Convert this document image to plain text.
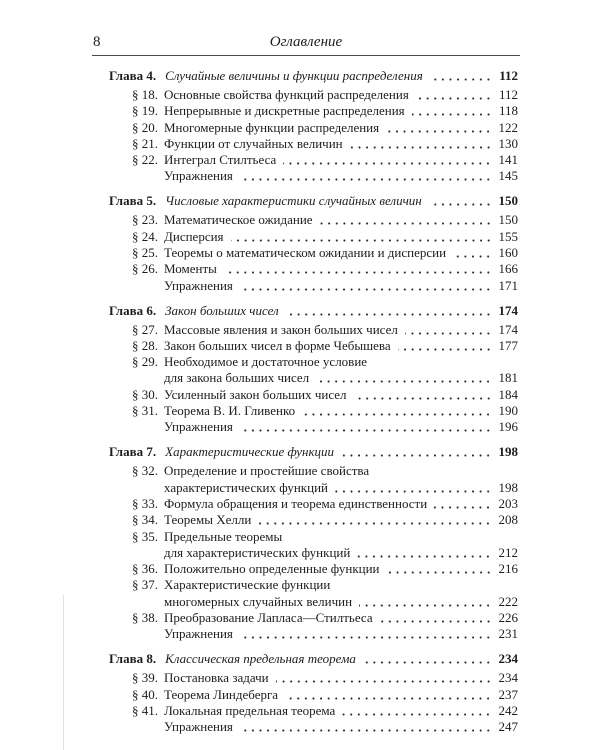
8	Оглавление
Глава 4. Случайные величины и функции распределения	112
§ 18. Основные свойства функций распределения	112
§ 19. Непрерывные и дискретные распределения	118
§ 20. Многомерные функции распределения	122
§ 21. Функции от случайных величин	130
§ 22. Интеграл Стилтьеса	141
Упражнения	145
Глава 5. Числовые характеристики случайных величин	150
§ 23. Математическое ожидание	150
§ 24. Дисперсия	155
§ 25. Теоремы о математическом ожидании и дисперсии	160
§ 26. Моменты	166
Упражнения	171
Глава 6. Закон больших чисел	174
§ 27. Массовые явления и закон больших чисел	174
§ 28. Закон больших чисел в форме Чебышева	177
§ 29. Необходимое и достаточное условие
для закона больших чисел	181
§ 30. Усиленный закон больших чисел	184
§ 31. Теорема В. И. Гливенко	190
Упражнения	196
Глава 7. Характеристические функции	198
§ 32. Определение и простейшие свойства
характеристических функций	198
§ 33. Формула обращения и теорема единственности	203
§ 34. Теоремы Хелли	208
§ 35. Предельные теоремы
для характеристических функций	212
§ 36. Положительно определенные функции	216
§ 37. Характеристические функции
многомерных случайных величин	222
§ 38. Преобразование Лапласа—Стилтьеса	226
Упражнения	231
Глава 8. Классическая предельная теорема	234
§ 39. Постановка задачи	234
§ 40. Теорема Линдеберга	237
§ 41. Локальная предельная теорема	242
Упражнения	247
